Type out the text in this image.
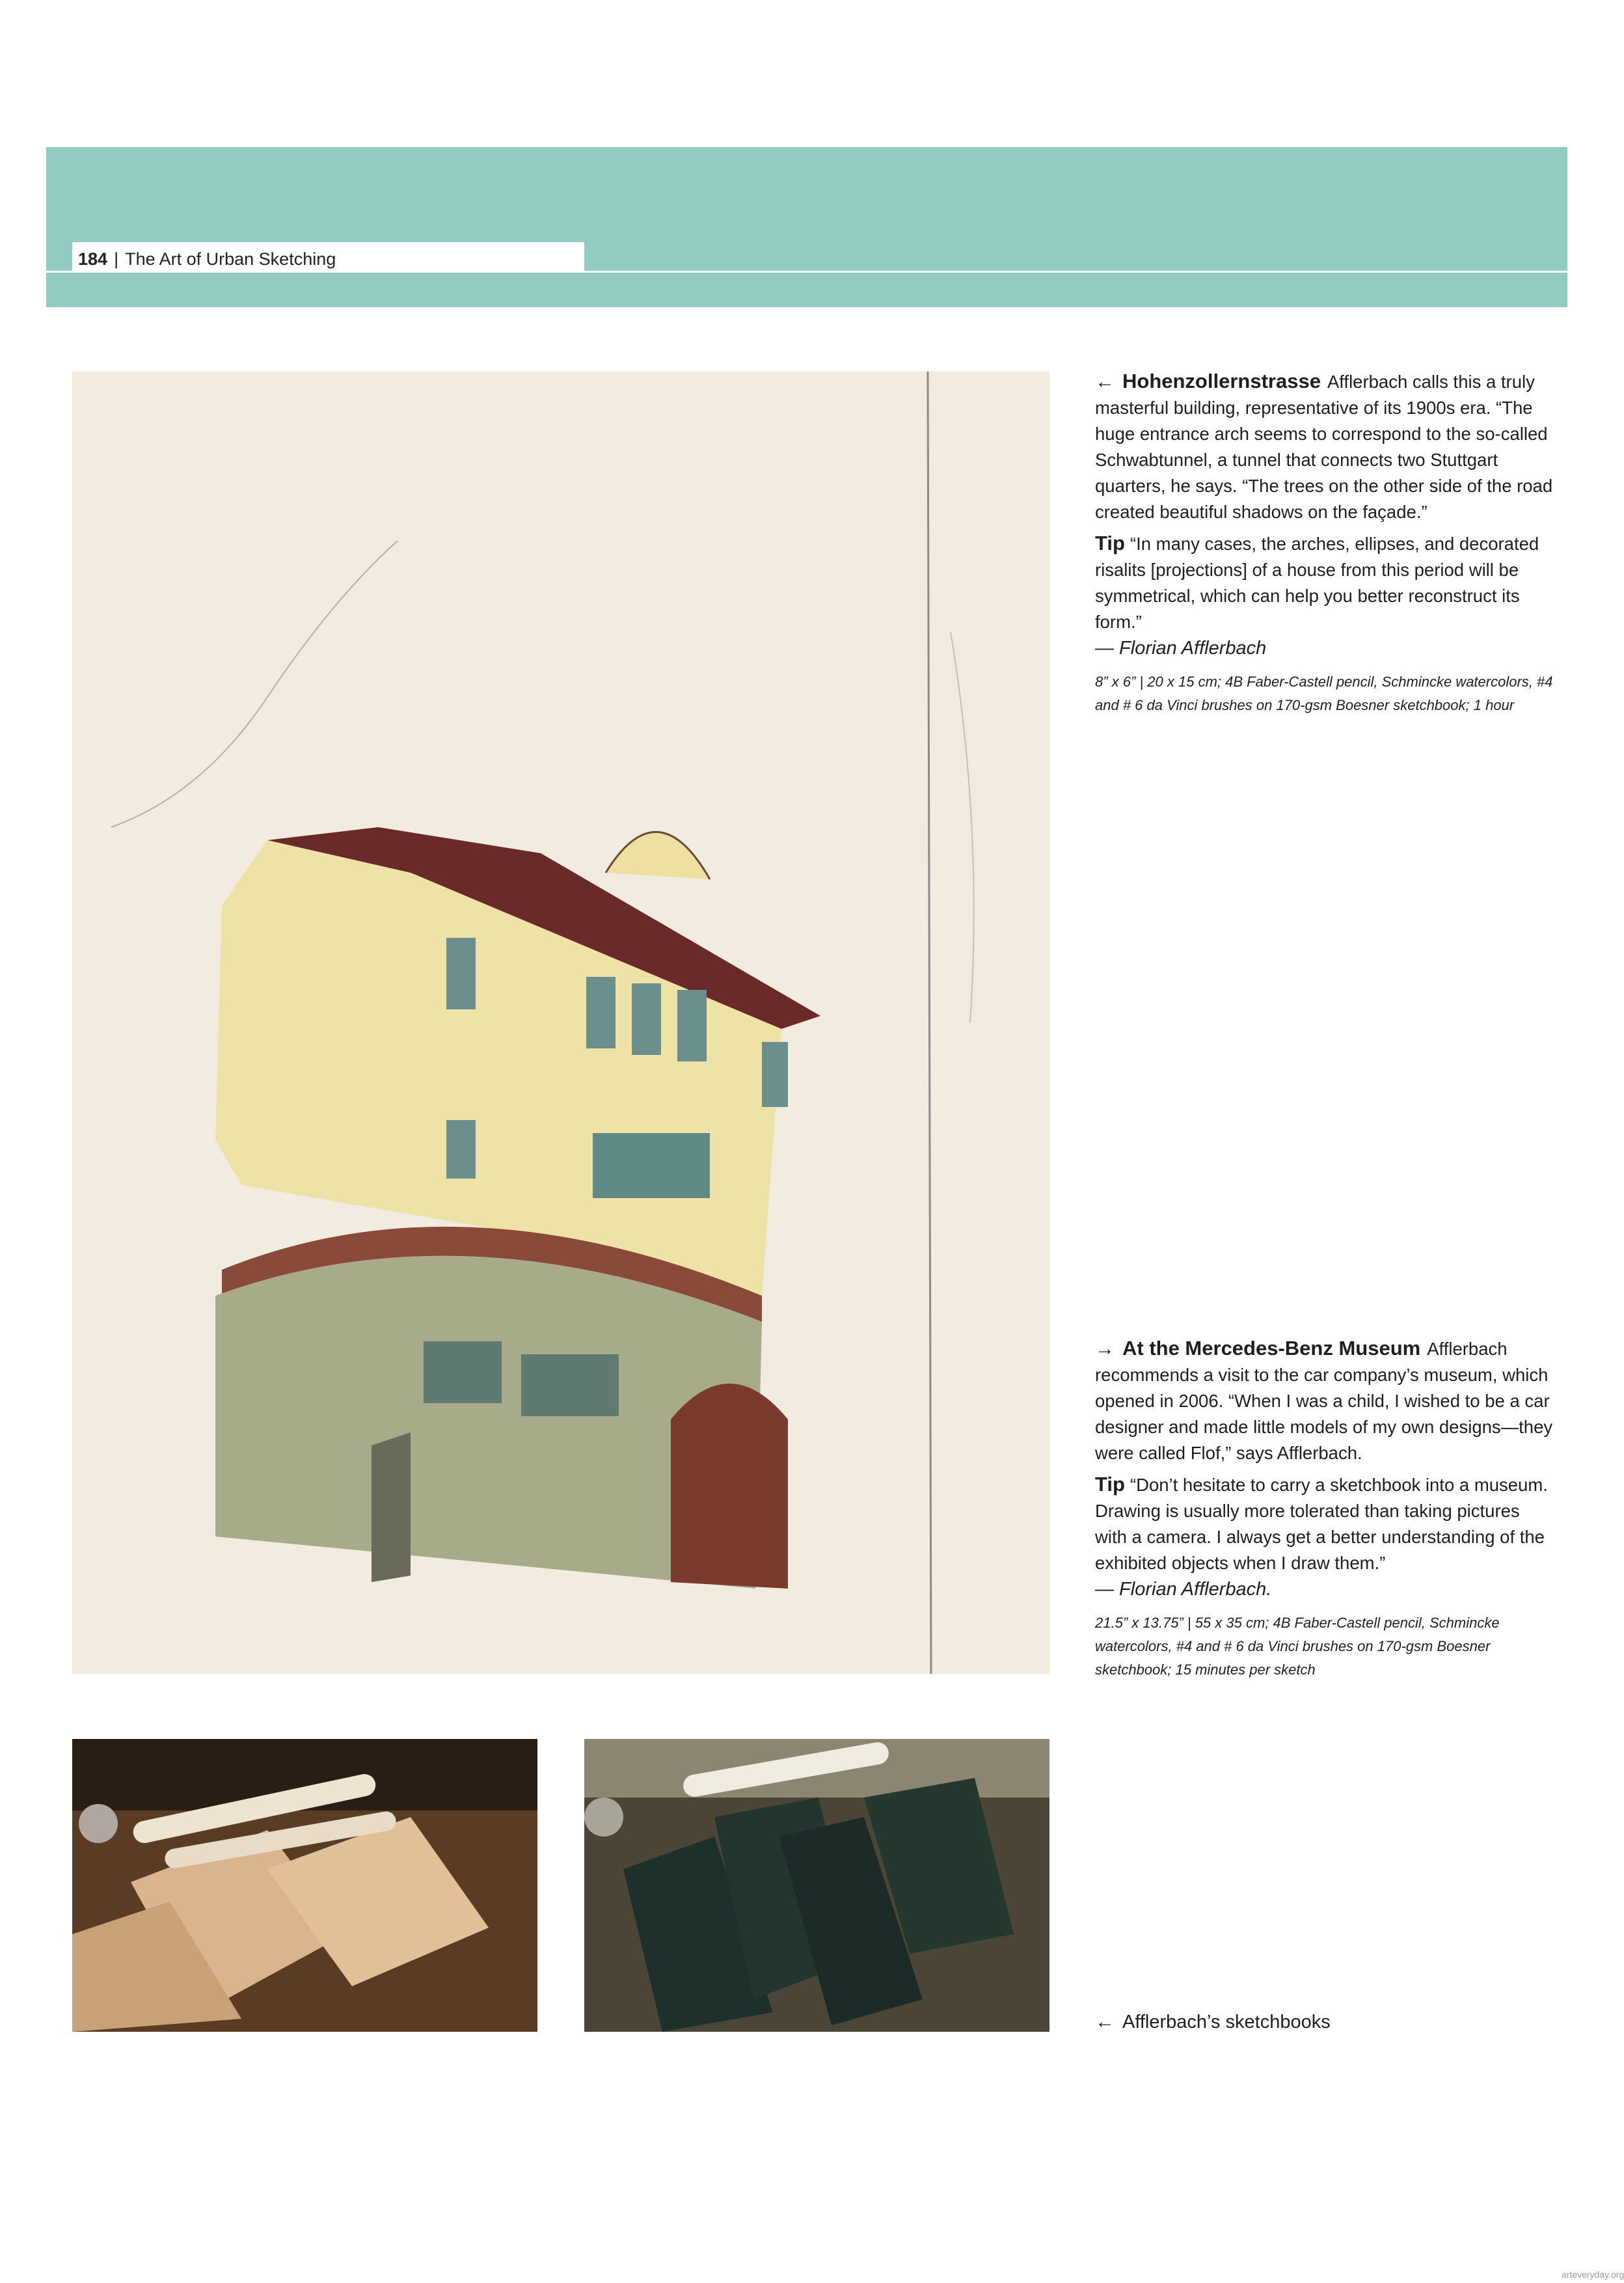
184 | The Art of Urban Sketching

← Hohenzollernstrasse Afflerbach calls this a truly masterful building, representative of its 1900s era. “The huge entrance arch seems to correspond to the so-called Schwabtunnel, a tunnel that connects two Stuttgart quarters, he says. “The trees on the other side of the road created beautiful shadows on the façade.”

Tip “In many cases, the arches, ellipses, and decorated risalits [projections] of a house from this period will be symmetrical, which can help you better reconstruct its form.”
— Florian Afflerbach

8” x 6” | 20 x 15 cm; 4B Faber-Castell pencil, Schmincke watercolors, #4 and # 6 da Vinci brushes on 170-gsm Boesner sketchbook; 1 hour

→ At the Mercedes-Benz Museum Afflerbach recommends a visit to the car company’s museum, which opened in 2006. “When I was a child, I wished to be a car designer and made little models of my own designs—they were called Flof,” says Afflerbach.

Tip “Don’t hesitate to carry a sketchbook into a museum. Drawing is usually more tolerated than taking pictures with a camera. I always get a better understanding of the exhibited objects when I draw them.”
— Florian Afflerbach.

21.5” x 13.75” | 55 x 35 cm; 4B Faber-Castell pencil, Schmincke watercolors, #4 and # 6 da Vinci brushes on 170-gsm Boesner sketchbook; 15 minutes per sketch

← Afflerbach’s sketchbooks
arteveryday.org
